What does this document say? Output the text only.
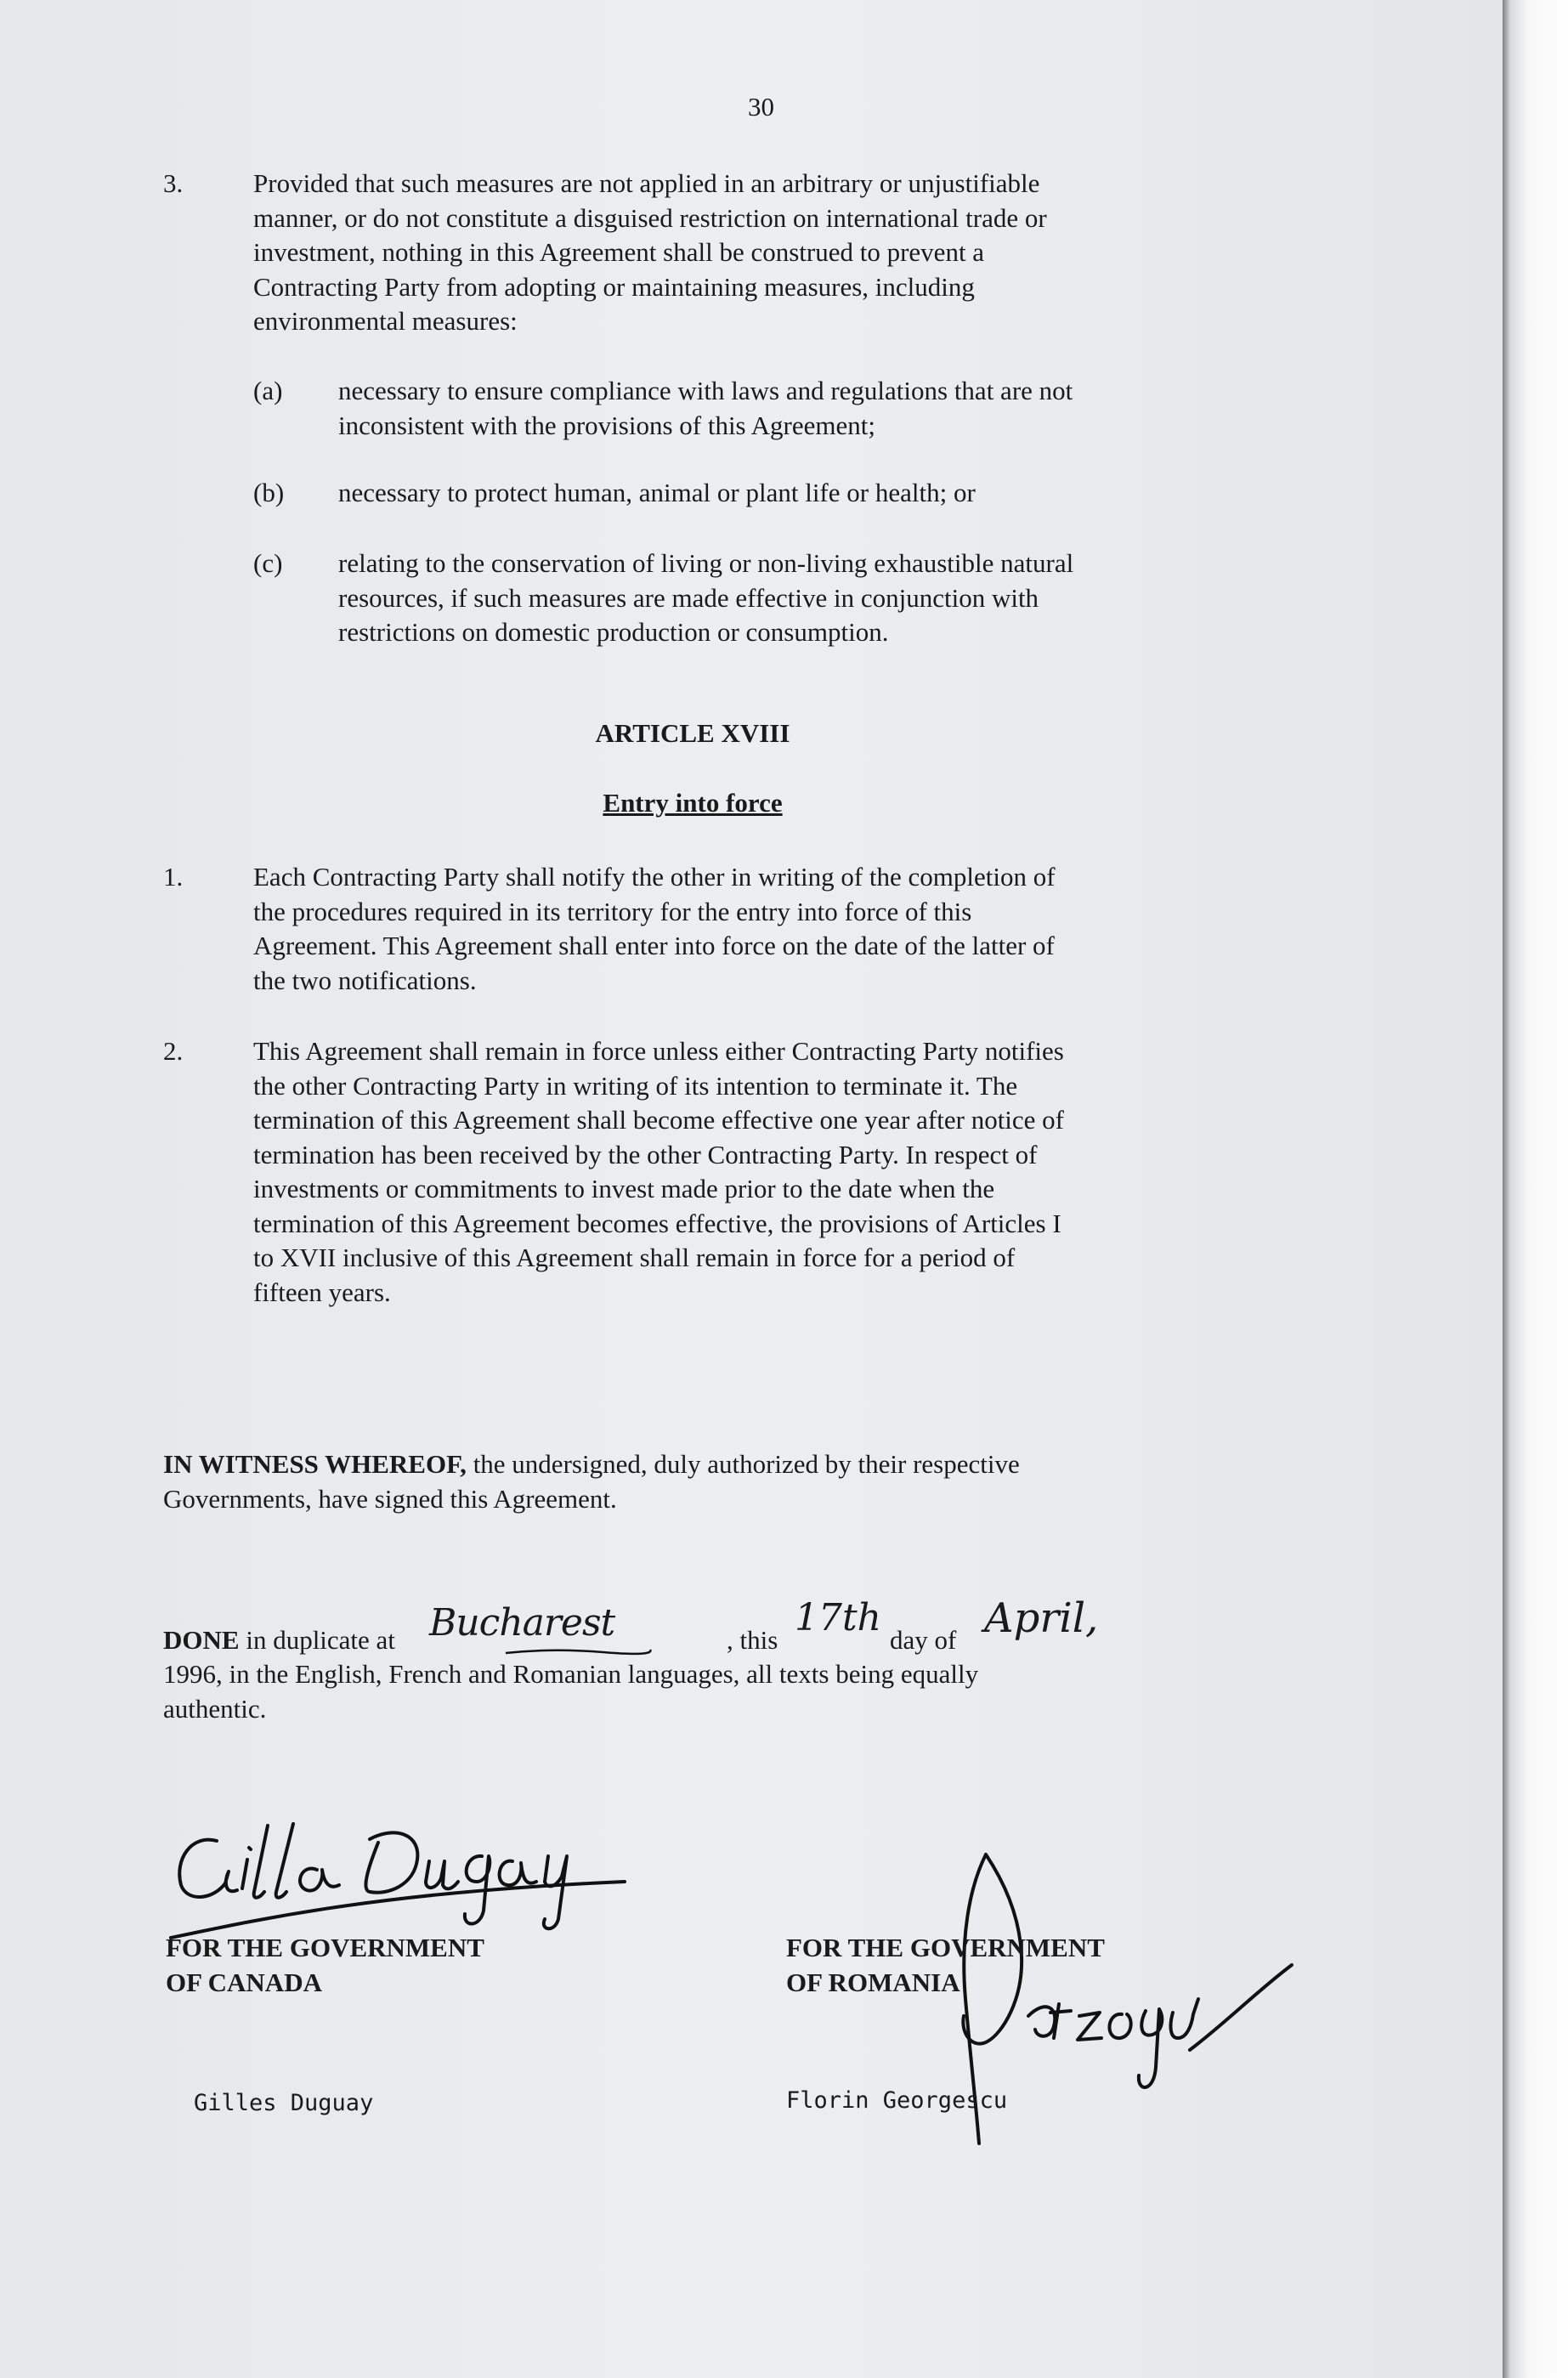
30
3.	Provided that such measures are not applied in an arbitrary or unjustifiable
manner, or do not constitute a disguised restriction on international trade or
investment, nothing in this Agreement shall be construed to prevent a
Contracting Party from adopting or maintaining measures, including
environmental measures:
(a) necessary to ensure compliance with laws and regulations that are not
inconsistent with the provisions of this Agreement;
(b) necessary to protect human, animal or plant life or health; or
(c) relating to the conservation of living or non-living exhaustible natural
resources, if such measures are made effective in conjunction with
restrictions on domestic production or consumption.
ARTICLE XVIII
Entry into force
1.	Each Contracting Party shall notify the other in writing of the completion of
the procedures required in its territory for the entry into force of this
Agreement. This Agreement shall enter into force on the date of the latter of
the two notifications.
2.	This Agreement shall remain in force unless either Contracting Party notifies
the other Contracting Party in writing of its intention to terminate it. The
termination of this Agreement shall become effective one year after notice of
termination has been received by the other Contracting Party. In respect of
investments or commitments to invest made prior to the date when the
termination of this Agreement becomes effective, the provisions of Articles I
to XVII inclusive of this Agreement shall remain in force for a period of
fifteen years.
IN WITNESS WHEREOF, the undersigned, duly authorized by their respective
Governments, have signed this Agreement.
DONE in duplicate at Bucharest	, this
17th
day of April,
1996, in the English, French and Romanian languages, all texts being equally
authentic.
FOR THE GOVERNMENT
OF CANADA
FOR THE GOVERNMENT
OF ROMANIA
Gilles Duguay	Florin Georgescu
